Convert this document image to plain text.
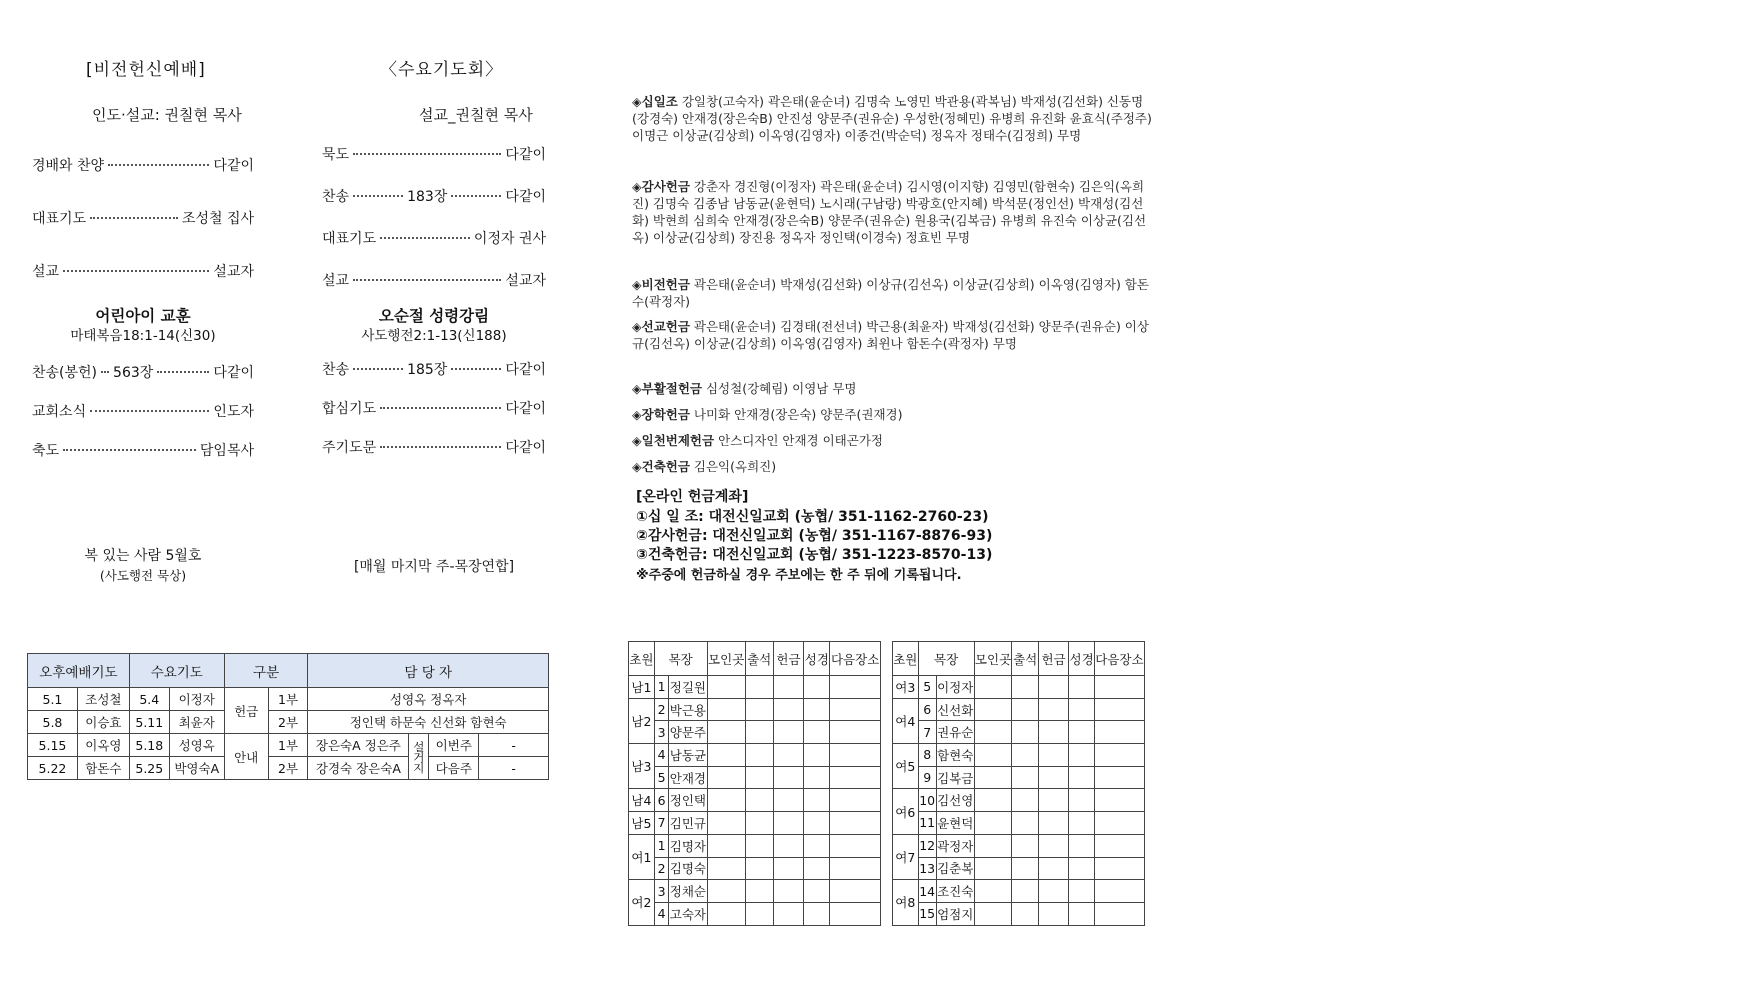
[비전헌신예배]
인도·설교: 권칠현 목사
경배와 찬양	다같이
대표기도	조성철 집사
설교	설교자
어린아이 교훈
마태복음18:1-14(신30)
찬송(봉헌) 563장	다같이
교회소식	인도자
축도	담임목사
복 있는 사람 5월호
(사도행전 묵상)
〈수요기도회〉
설교_권칠현 목사
묵도	다같이
찬송	183장	다같이
대표기도	이정자 권사
설교	설교자
오순절 성령강림
사도행전2:1-13(신188)
찬송	185장	다같이
합심기도	다같이
주기도문	다같이
[매월 마지막 주-목장연합]
◈십일조 강일창(고숙자) 곽은태(윤순녀) 김명숙 노영민 박관용(곽복님) 박재성(김선화) 신동명(강경숙) 안재경(장은숙B) 안진성 양문주(권유순) 우성한(정혜민) 유병희 유진화 윤효식(주정주) 이명근 이상균(김상희) 이옥영(김영자) 이종건(박순덕) 정옥자 정태수(김정희) 무명
◈감사헌금 강춘자 경진형(이정자) 곽은태(윤순녀) 김시영(이지향) 김영민(함현숙) 김은익(옥희진) 김명숙 김종남 남동균(윤현덕) 노시래(구남랑) 박광호(안지혜) 박석문(정인선) 박재성(김선화) 박현희 심희숙 안재경(장은숙B) 양문주(권유순) 원용국(김복금) 유병희 유진숙 이상균(김선옥) 이상균(김상희) 장진용 정옥자 정인택(이경숙) 정효빈 무명
◈비전헌금 곽은태(윤순녀) 박재성(김선화) 이상규(김선옥) 이상균(김상희) 이옥영(김영자) 함돈수(곽정자)
◈선교헌금 곽은태(윤순녀) 김경태(전선녀) 박근용(최윤자) 박재성(김선화) 양문주(권유순) 이상규(김선옥) 이상균(김상희) 이옥영(김영자) 최윈나 함돈수(곽정자) 무명
◈부활절헌금 심성철(강혜림) 이영남 무명
◈장학헌금 나미화 안재경(장은숙) 양문주(권재경)
◈일천번제헌금 안스디자인 안재경 이태곤가정
◈건축헌금 김은익(옥희진)
[온라인 헌금계좌]
①십 일 조: 대전신일교회 (농협/ 351-1162-2760-23)
②감사헌금: 대전신일교회 (농협/ 351-1167-8876-93)
③건축헌금: 대전신일교회 (농협/ 351-1223-8570-13)
※주중에 헌금하실 경우 주보에는 한 주 뒤에 기록됩니다.
오후예배기도		수요기도		구분		담 당 자			
5.1	조성철	5.4	이정자	헌금	1부	성영옥 정옥자			
5.8	이승효	5.11	최윤자		2부	정인택 하문숙 신선화 함현숙			
5.15	이옥영	5.18	성영옥	안내	1부	장은숙A 정은주	설거지	이번주	-
5.22	함돈수	5.25	박영숙A		2부	강경숙 장은숙A		다음주	-
초원	목장		모인곳	출석	헌금	성경	다음장소
남1	1	정길원					
남2	2	박근용					
	3	양문주					
남3	4	남동균					
	5	안재경					
남4	6	정인택					
남5	7	김민규					
여1	1	김명자					
	2	김명숙					
여2	3	정채순					
	4	고숙자					
초원	목장		모인곳	출석	헌금	성경	다음장소
여3	5	이정자					
여4	6	신선화					
	7	권유순					
여5	8	함현숙					
	9	김복금					
여6	10	김선영					
	11	윤현덕					
여7	12	곽정자					
	13	김춘복					
여8	14	조진숙					
	15	엄점지					
